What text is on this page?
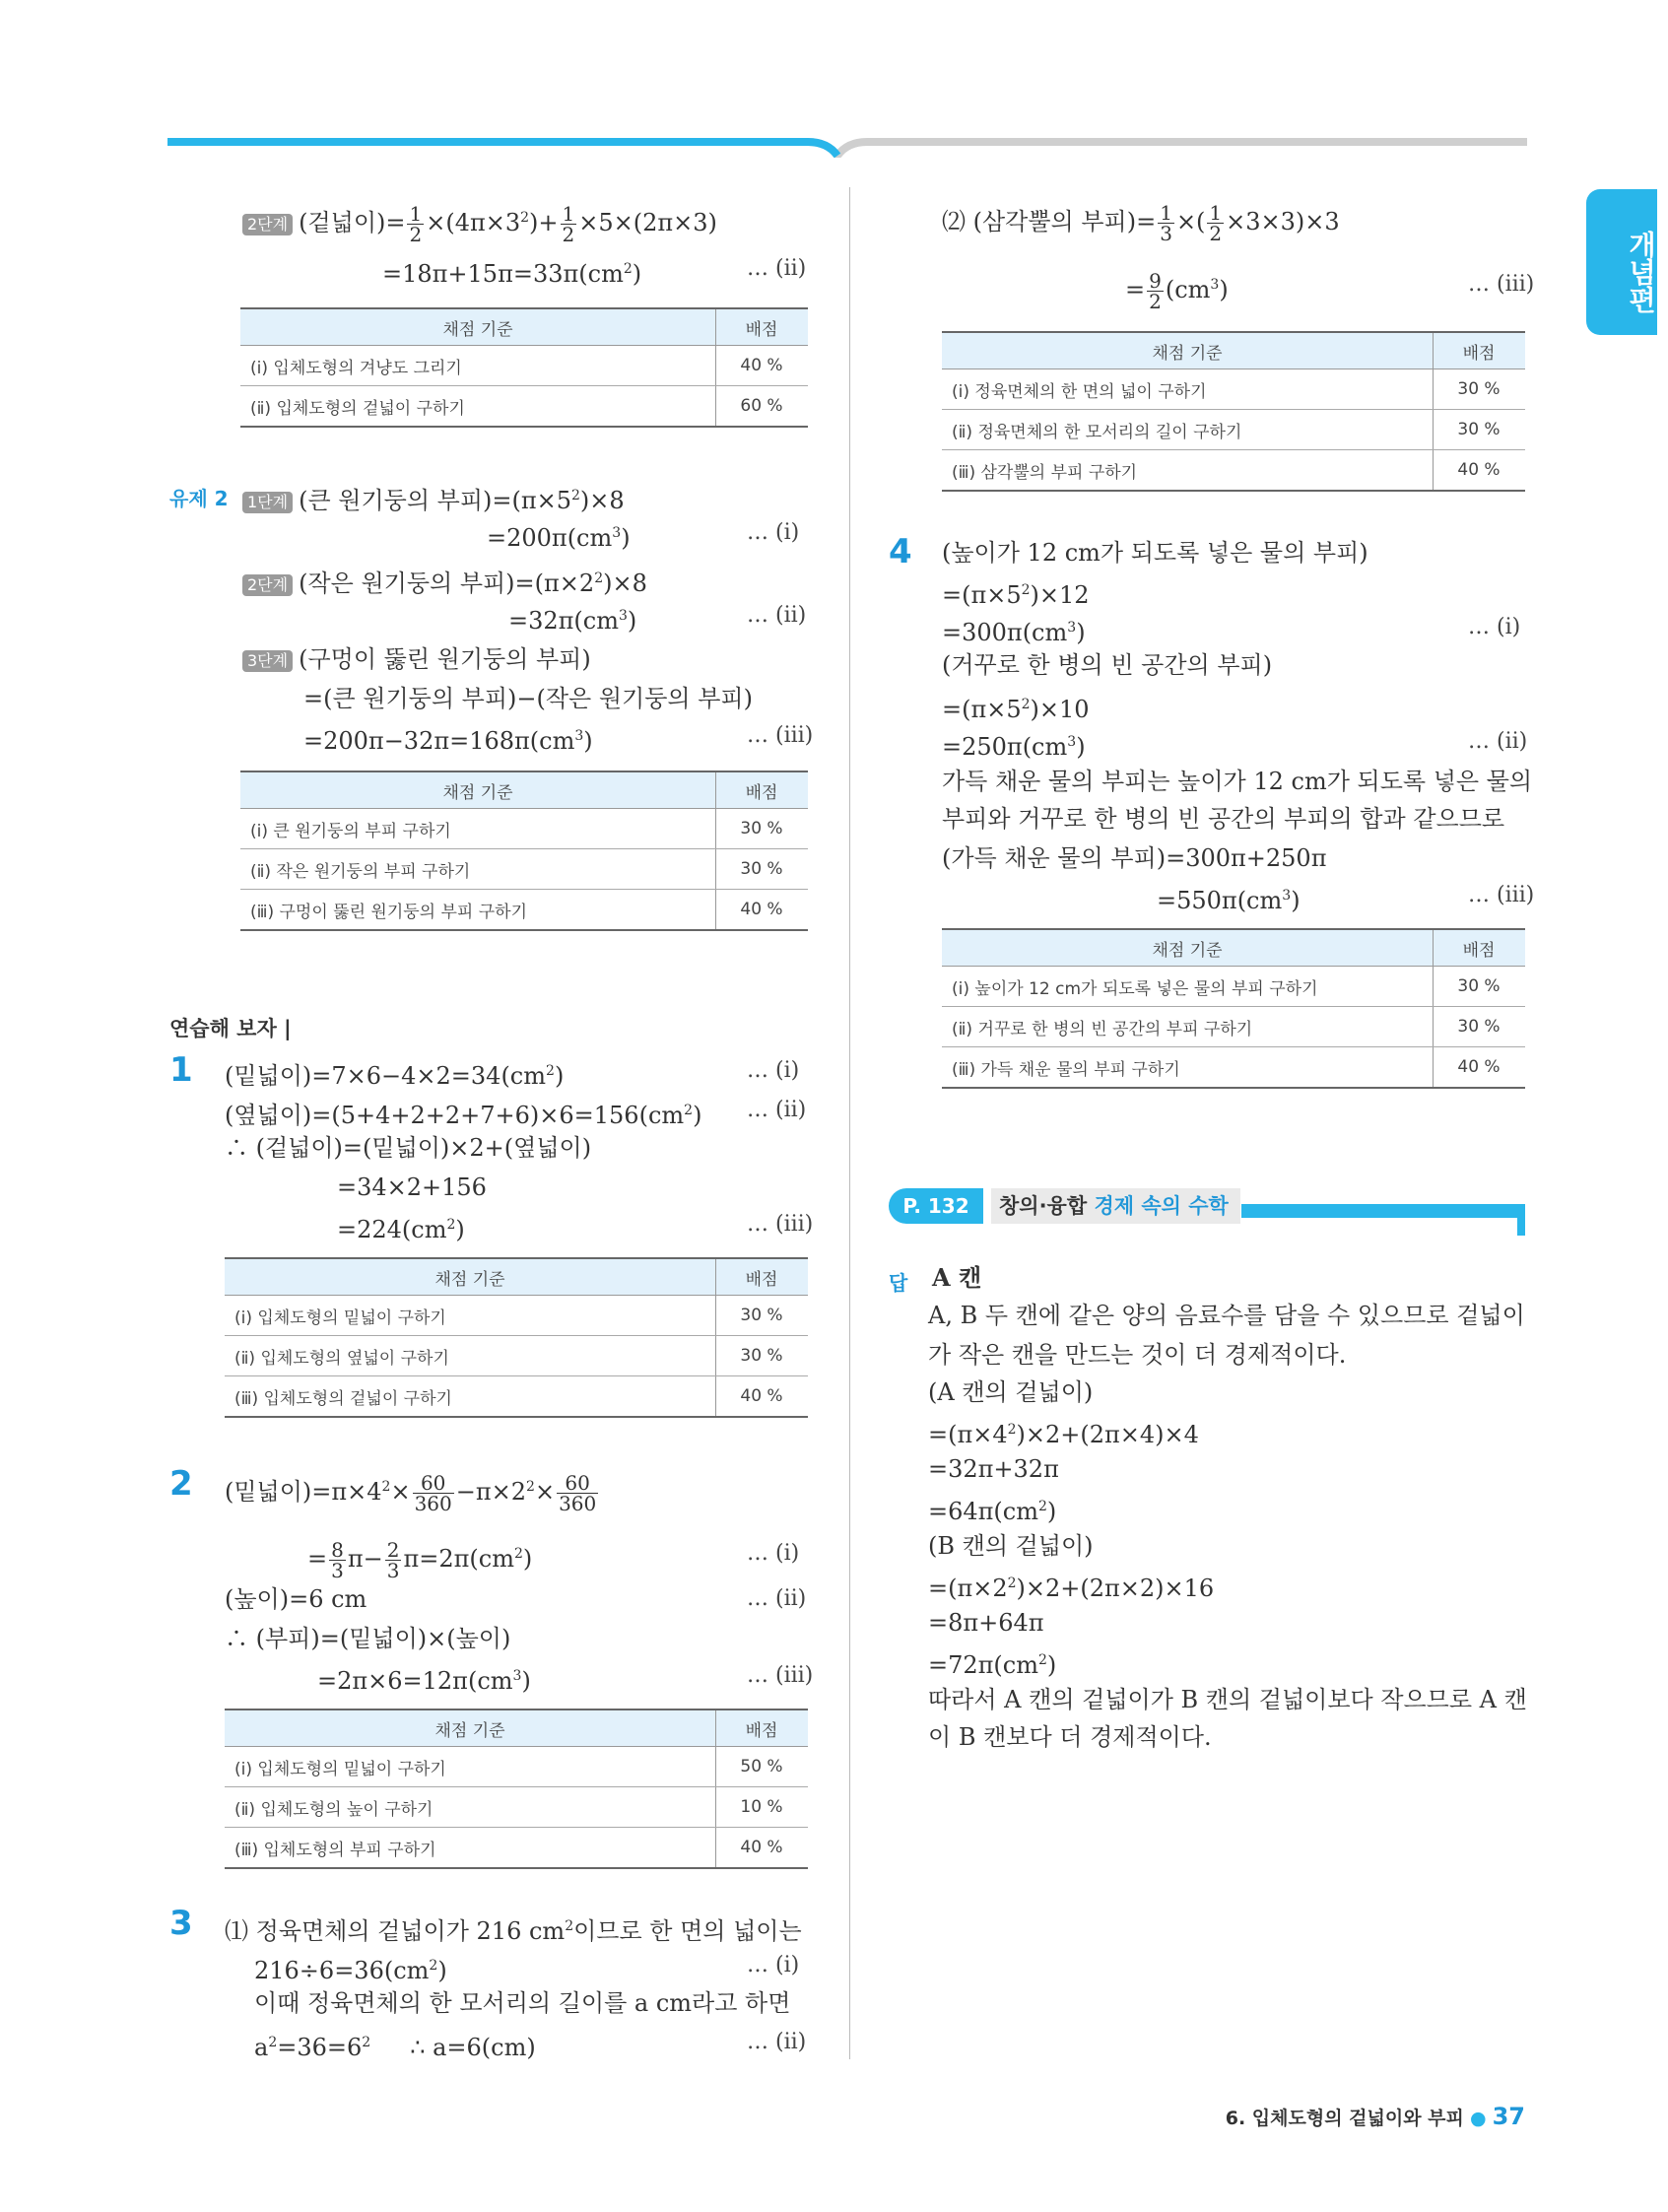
개념편
2단계 (겉넓이)= $\frac{1}{2} \times(4\pi\times 3^2)+ \frac{1}{2} \times 5\times(2\pi\times 3)$
$=18\pi+15\pi=33\pi(cm^2)$	… (ⅱ)
채점 기준	배점
(ⅰ) 입체도형의 겨냥도 그리기	40 %
(ⅱ) 입체도형의 겉넓이 구하기	60 %
유제 2	1단계 (큰 원기둥의 부피)$=(\pi\times 5^2)\times 8$
$=200\pi(cm^3)$	… (ⅰ)
2단계 (작은 원기둥의 부피)$=(\pi\times 2^2)\times 8$
$=32\pi(cm^3)$	… (ⅱ)
3단계 (구멍이 뚫린 원기둥의 부피)
=(큰 원기둥의 부피)−(작은 원기둥의 부피)
$=200\pi-32\pi=168\pi(cm^3)$	… (ⅲ)
채점 기준	배점
(ⅰ) 큰 원기둥의 부피 구하기	30 %
(ⅱ) 작은 원기둥의 부피 구하기	30 %
(ⅲ) 구멍이 뚫린 원기둥의 부피 구하기	40 %
연습해 보자 |
1 (밑넓이)$=7\times 6-4\times 2=34(cm^2)$	… (ⅰ)
(옆넓이)$=(5+4+2+2+7+6)\times 6=156(cm^2)$ … (ⅱ)
∴ (겉넓이)=(밑넓이)×2+(옆넓이)
=34×2+156
$=224(cm^2)$	… (ⅲ)
채점 기준	배점
(ⅰ) 입체도형의 밑넓이 구하기	30 %
(ⅱ) 입체도형의 옆넓이 구하기	30 %
(ⅲ) 입체도형의 겉넓이 구하기	40 %
2 (밑넓이)$=\pi\times 4^2\times \frac{60}{360} -\pi\times 2^2\times \frac{60}{360}$
= $\frac{8}{3} \pi- \frac{2}{3} \pi=2\pi(cm^2)$	… (ⅰ)
(높이)=6 cm	… (ⅱ)
∴ (부피)=(밑넓이)×(높이)
$=2\pi\times 6=12\pi(cm^3)$	… (ⅲ)
채점 기준	배점
(ⅰ) 입체도형의 밑넓이 구하기	50 %
(ⅱ) 입체도형의 높이 구하기	10 %
(ⅲ) 입체도형의 부피 구하기	40 %
3 ⑴ 정육면체의 겉넓이가 216 $cm^2$이므로 한 면의 넓이는
$216\div 6=36(cm^2)$	… (ⅰ)
이때 정육면체의 한 모서리의 길이를 a cm라고 하면
$a^2=36=6^2$ ∴ a=6(cm)	… (ⅱ)
⑵ (삼각뿔의 부피)= $\frac{1}{3}$ ×( $\frac{1}{2} \times 3\times 3)\times 3$
= $\frac{9}{2} (cm^3)$	… (ⅲ)
채점 기준	배점
(ⅰ) 정육면체의 한 면의 넓이 구하기	30 %
(ⅱ) 정육면체의 한 모서리의 길이 구하기	30 %
(ⅲ) 삼각뿔의 부피 구하기	40 %
4 (높이가 12 cm가 되도록 넣은 물의 부피)
$=(\pi\times 5^2)\times 12$
$=300\pi(cm^3)$	… (ⅰ)
(거꾸로 한 병의 빈 공간의 부피)
$=(\pi\times 5^2)\times 10$
$=250\pi(cm^3)$	… (ⅱ)
가득 채운 물의 부피는 높이가 12 cm가 되도록 넣은 물의
부피와 거꾸로 한 병의 빈 공간의 부피의 합과 같으므로
(가득 채운 물의 부피)=300π+250π
$=550\pi(cm^3)$	… (ⅲ)
채점 기준	배점
(ⅰ) 높이가 12 cm가 되도록 넣은 물의 부피 구하기	30 %
(ⅱ) 거꾸로 한 병의 빈 공간의 부피 구하기	30 %
(ⅲ) 가득 채운 물의 부피 구하기	40 %
P. 132	창의·융합 경제 속의 수학
답 A 캔
A, B 두 캔에 같은 양의 음료수를 담을 수 있으므로 겉넓이
가 작은 캔을 만드는 것이 더 경제적이다.
(A 캔의 겉넓이)
$=(\pi\times 4^2)\times 2+(2\pi\times 4)\times 4$
=32π+32π
$=64\pi(cm^2)$
(B 캔의 겉넓이)
$=(\pi\times 2^2)\times 2+(2\pi\times 2)\times 16$
=8π+64π
$=72\pi(cm^2)$
따라서 A 캔의 겉넓이가 B 캔의 겉넓이보다 작으므로 A 캔
이 B 캔보다 더 경제적이다.
6. 입체도형의 겉넓이와 부피 ● 37
